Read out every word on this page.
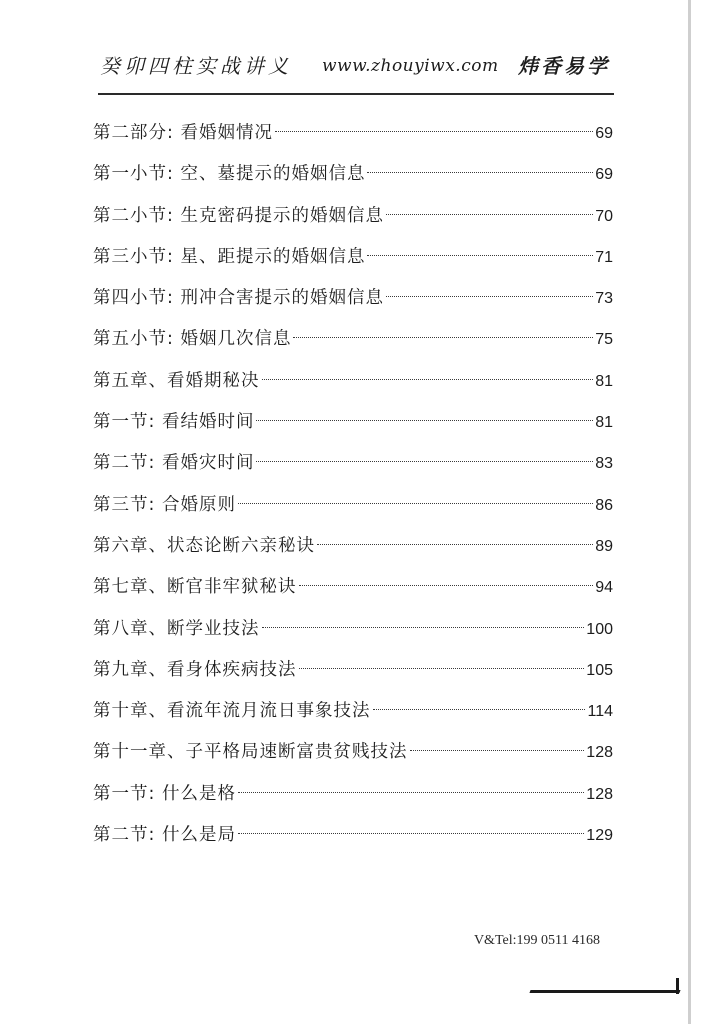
癸卯四柱实战讲义 www.zhouyiwx.com 炜香易学
第二部分: 看婚姻情况	69
第一小节: 空、墓提示的婚姻信息	69
第二小节: 生克密码提示的婚姻信息	70
第三小节: 星、距提示的婚姻信息	71
第四小节: 刑冲合害提示的婚姻信息	73
第五小节: 婚姻几次信息	75
第五章、看婚期秘决	81
第一节: 看结婚时间	81
第二节: 看婚灾时间	83
第三节: 合婚原则	86
第六章、状态论断六亲秘诀	89
第七章、断官非牢狱秘诀	94
第八章、断学业技法	100
第九章、看身体疾病技法	105
第十章、看流年流月流日事象技法	114
第十一章、子平格局速断富贵贫贱技法	128
第一节: 什么是格	128
第二节: 什么是局	129
V&Tel:199 0511 4168
